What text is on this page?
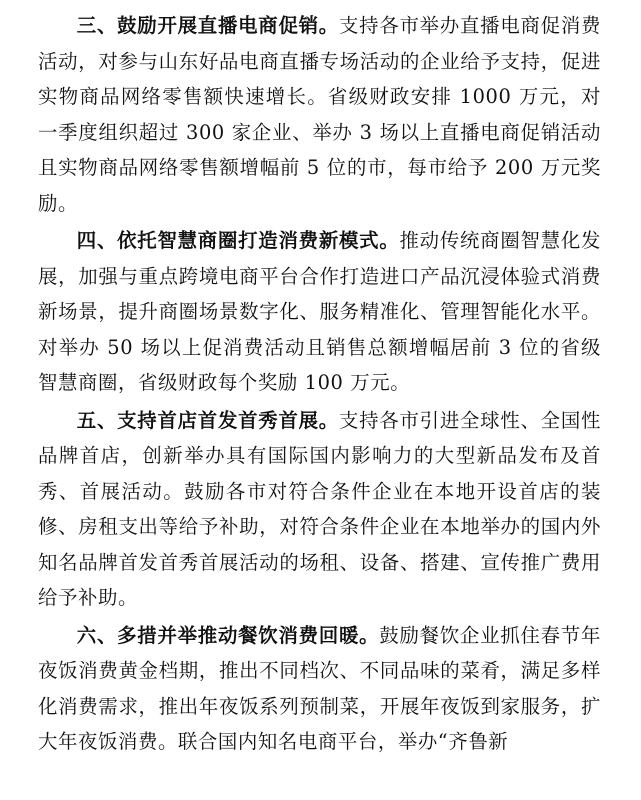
三、鼓励开展直播电商促销。支持各市举办直播电商促消费活动，对参与山东好品电商直播专场活动的企业给予支持，促进实物商品网络零售额快速增长。省级财政安排 1000 万元，对一季度组织超过 300 家企业、举办 3 场以上直播电商促销活动且实物商品网络零售额增幅前 5 位的市，每市给予 200 万元奖励。

四、依托智慧商圈打造消费新模式。推动传统商圈智慧化发展，加强与重点跨境电商平台合作打造进口产品沉浸体验式消费新场景，提升商圈场景数字化、服务精准化、管理智能化水平。对举办 50 场以上促消费活动且销售总额增幅居前 3 位的省级智慧商圈，省级财政每个奖励 100 万元。

五、支持首店首发首秀首展。支持各市引进全球性、全国性品牌首店，创新举办具有国际国内影响力的大型新品发布及首秀、首展活动。鼓励各市对符合条件企业在本地开设首店的装修、房租支出等给予补助，对符合条件企业在本地举办的国内外知名品牌首发首秀首展活动的场租、设备、搭建、宣传推广费用给予补助。

六、多措并举推动餐饮消费回暖。鼓励餐饮企业抓住春节年夜饭消费黄金档期，推出不同档次、不同品味的菜肴，满足多样化消费需求，推出年夜饭系列预制菜，开展年夜饭到家服务，扩大年夜饭消费。联合国内知名电商平台，举办“齐鲁新
